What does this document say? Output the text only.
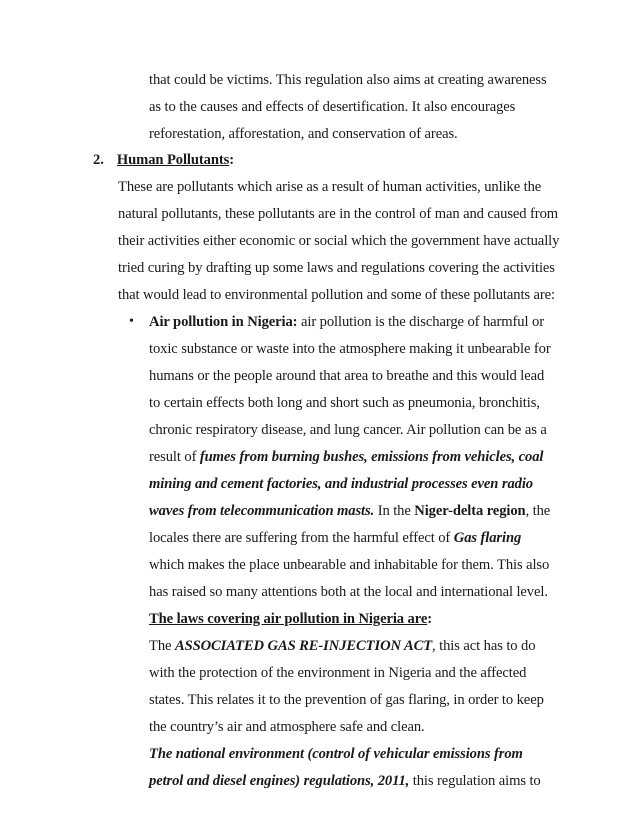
that could be victims. This regulation also aims at creating awareness
as to the causes and effects of desertification. It also encourages
reforestation, afforestation, and conservation of areas.
2. Human Pollutants:
These are pollutants which arise as a result of human activities, unlike the
natural pollutants, these pollutants are in the control of man and caused from
their activities either economic or social which the government have actually
tried curing by drafting up some laws and regulations covering the activities
that would lead to environmental pollution and some of these pollutants are:
• Air pollution in Nigeria: air pollution is the discharge of harmful or
toxic substance or waste into the atmosphere making it unbearable for
humans or the people around that area to breathe and this would lead
to certain effects both long and short such as pneumonia, bronchitis,
chronic respiratory disease, and lung cancer. Air pollution can be as a
result of fumes from burning bushes, emissions from vehicles, coal
mining and cement factories, and industrial processes even radio
waves from telecommunication masts. In the Niger-delta region, the
locales there are suffering from the harmful effect of Gas flaring
which makes the place unbearable and inhabitable for them. This also
has raised so many attentions both at the local and international level.
The laws covering air pollution in Nigeria are:
The ASSOCIATED GAS RE-INJECTION ACT, this act has to do
with the protection of the environment in Nigeria and the affected
states. This relates it to the prevention of gas flaring, in order to keep
the country’s air and atmosphere safe and clean.
The national environment (control of vehicular emissions from
petrol and diesel engines) regulations, 2011, this regulation aims to
